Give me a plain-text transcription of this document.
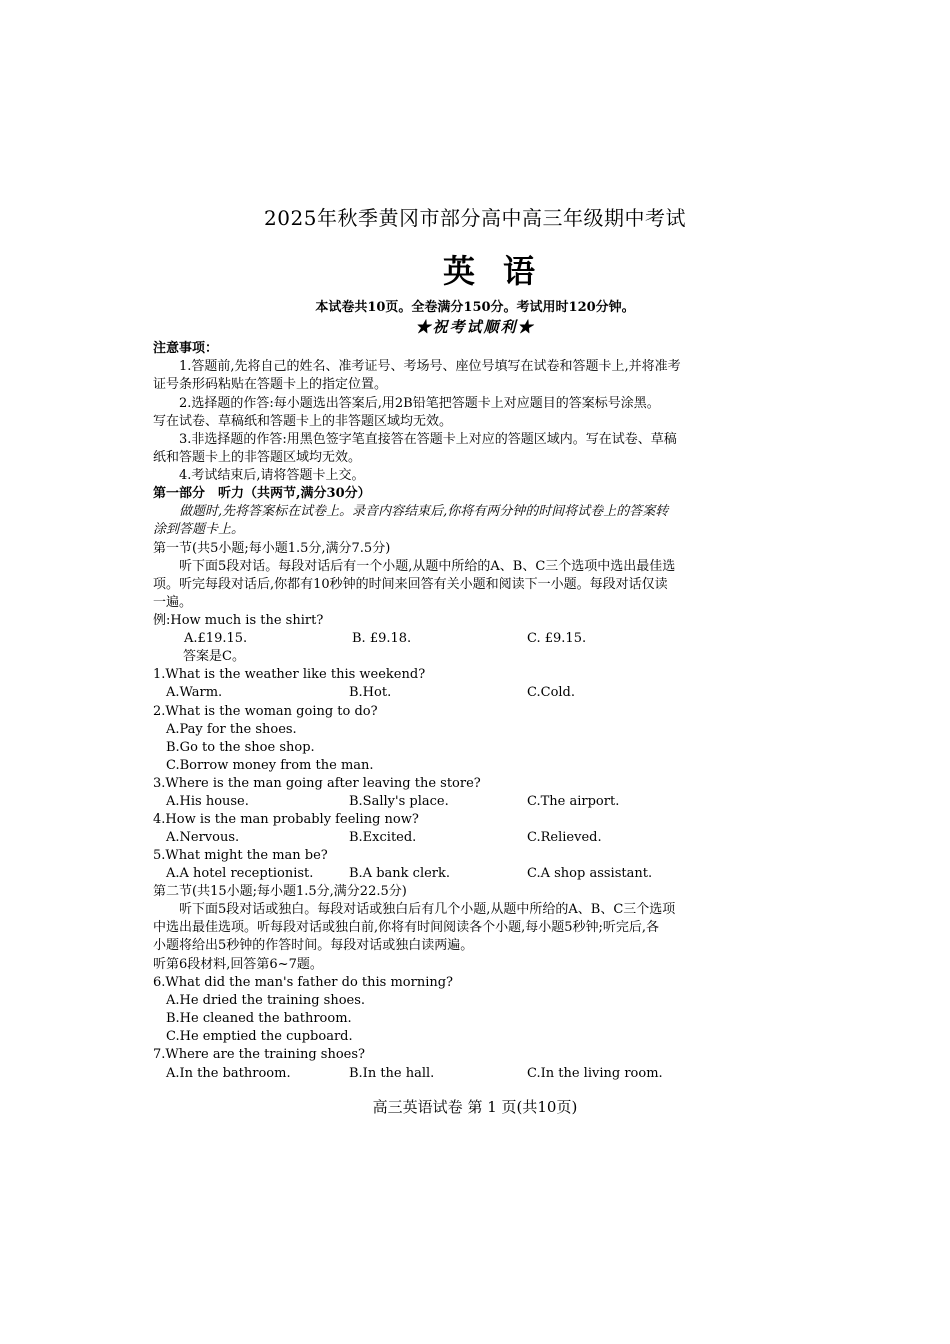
2025年秋季黄冈市部分高中高三年级期中考试
英语
本试卷共10页。全卷满分150分。考试用时120分钟。
★祝考试顺利★
注意事项：
1.答题前,先将自己的姓名、准考证号、考场号、座位号填写在试卷和答题卡上,并将准考
证号条形码粘贴在答题卡上的指定位置。
2.选择题的作答:每小题选出答案后,用2B铅笔把答题卡上对应题目的答案标号涂黑。
写在试卷、草稿纸和答题卡上的非答题区域均无效。
3.非选择题的作答:用黑色签字笔直接答在答题卡上对应的答题区域内。写在试卷、草稿
纸和答题卡上的非答题区域均无效。
4.考试结束后,请将答题卡上交。
第一部分　听力（共两节,满分30分）
做题时,先将答案标在试卷上。录音内容结束后,你将有两分钟的时间将试卷上的答案转
涂到答题卡上。
第一节(共5小题;每小题1.5分,满分7.5分)
听下面5段对话。每段对话后有一个小题,从题中所给的A、B、C三个选项中选出最佳选
项。听完每段对话后,你都有10秒钟的时间来回答有关小题和阅读下一小题。每段对话仅读
一遍。
例:How much is the shirt?
A.£19.15.	B. £9.18.	C. £9.15.
答案是C。
1.What is the weather like this weekend?
A.Warm.	B.Hot.	C.Cold.
2.What is the woman going to do?
A.Pay for the shoes.
B.Go to the shoe shop.
C.Borrow money from the man.
3.Where is the man going after leaving the store?
A.His house.	B.Sally's place.	C.The airport.
4.How is the man probably feeling now?
A.Nervous.	B.Excited.	C.Relieved.
5.What might the man be?
A.A hotel receptionist.	B.A bank clerk.	C.A shop assistant.
第二节(共15小题;每小题1.5分,满分22.5分)
听下面5段对话或独白。每段对话或独白后有几个小题,从题中所给的A、B、C三个选项
中选出最佳选项。听每段对话或独白前,你将有时间阅读各个小题,每小题5秒钟;听完后,各
小题将给出5秒钟的作答时间。每段对话或独白读两遍。
听第6段材料,回答第6~7题。
6.What did the man's father do this morning?
A.He dried the training shoes.
B.He cleaned the bathroom.
C.He emptied the cupboard.
7.Where are the training shoes?
A.In the bathroom.	B.In the hall.	C.In the living room.
高三英语试卷 第 1 页(共10页)
